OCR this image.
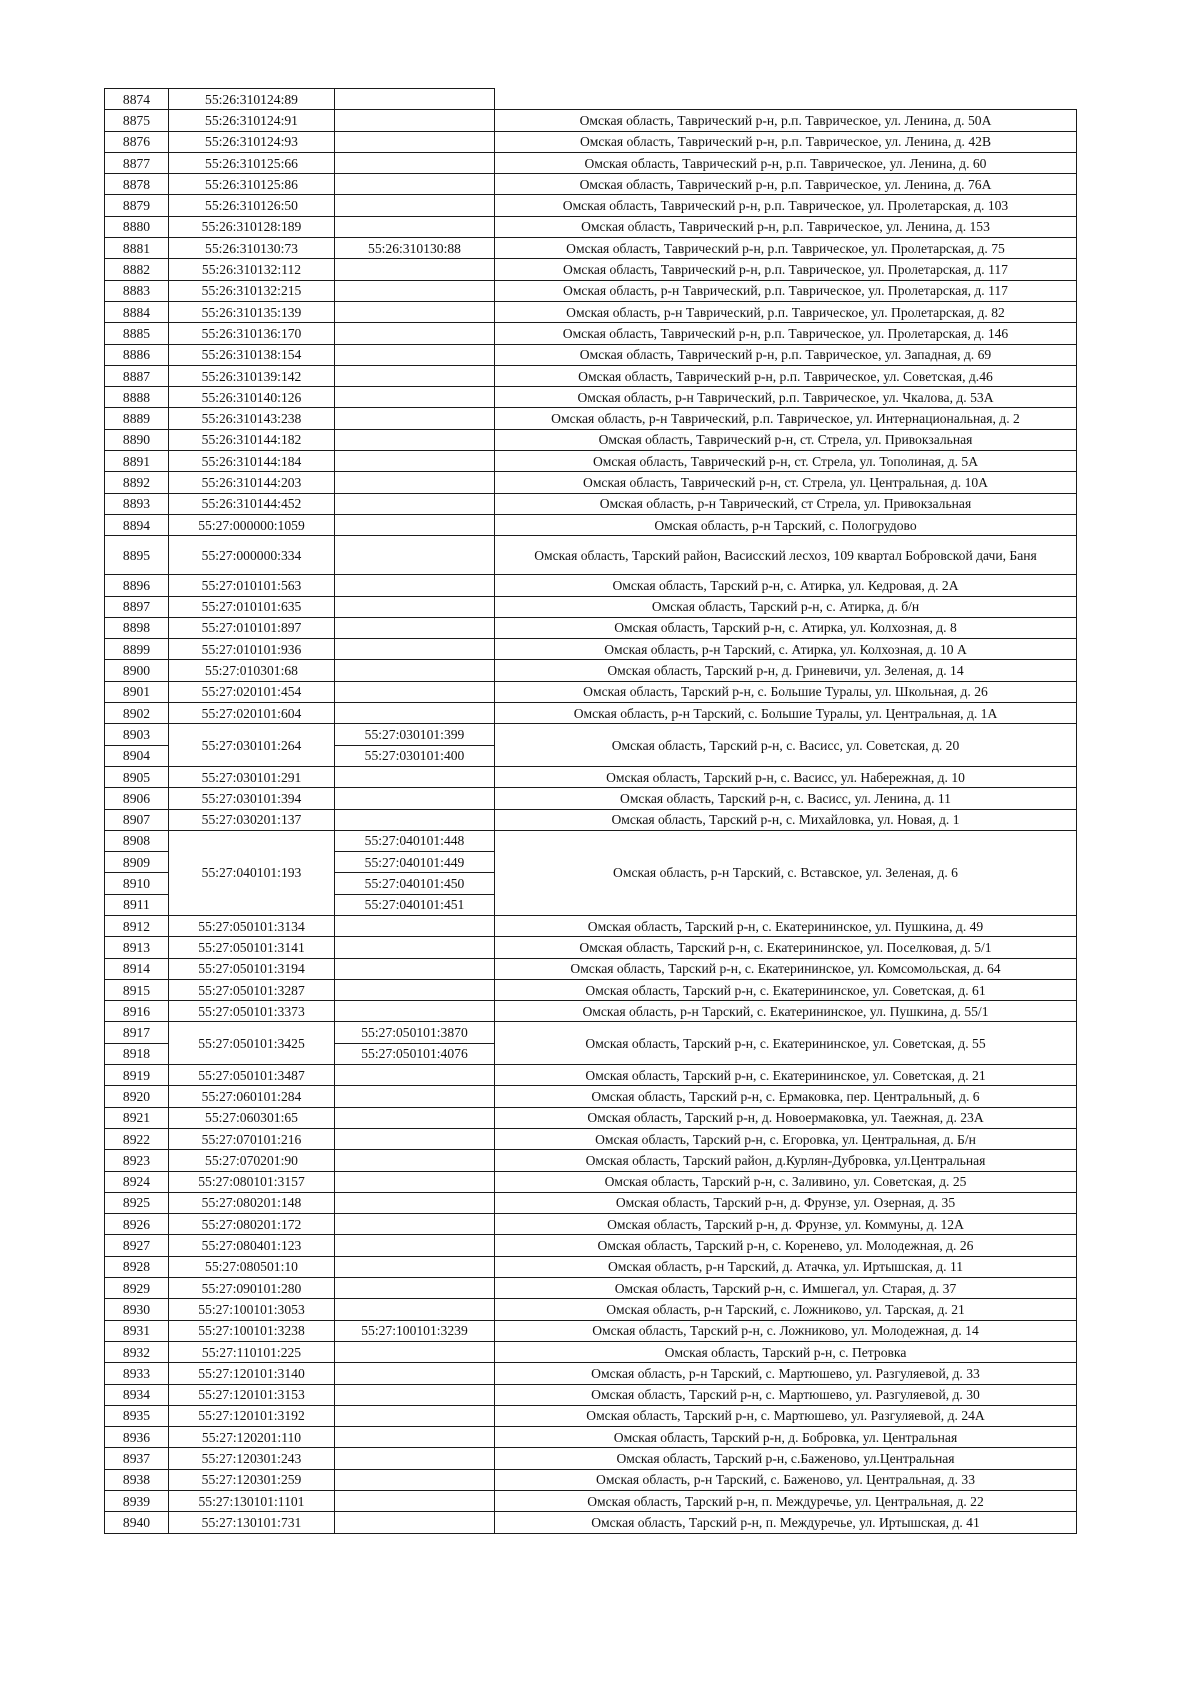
8874	55:26:310124:89		
8875	55:26:310124:91		Омская область, Таврический р-н, р.п. Таврическое, ул. Ленина, д. 50А
8876	55:26:310124:93		Омская область, Таврический р-н, р.п. Таврическое, ул. Ленина, д. 42В
8877	55:26:310125:66		Омская область, Таврический р-н, р.п. Таврическое, ул. Ленина, д. 60
8878	55:26:310125:86		Омская область, Таврический р-н, р.п. Таврическое, ул. Ленина, д. 76А
8879	55:26:310126:50		Омская область, Таврический р-н, р.п. Таврическое, ул. Пролетарская, д. 103
8880	55:26:310128:189		Омская область, Таврический р-н, р.п. Таврическое, ул. Ленина, д. 153
8881	55:26:310130:73	55:26:310130:88	Омская область, Таврический р-н, р.п. Таврическое, ул. Пролетарская, д. 75
8882	55:26:310132:112		Омская область, Таврический р-н, р.п. Таврическое, ул. Пролетарская, д. 117
8883	55:26:310132:215		Омская область, р-н Таврический, р.п. Таврическое, ул. Пролетарская, д. 117
8884	55:26:310135:139		Омская область, р-н Таврический, р.п. Таврическое, ул. Пролетарская, д. 82
8885	55:26:310136:170		Омская область, Таврический р-н, р.п. Таврическое, ул. Пролетарская, д. 146
8886	55:26:310138:154		Омская область, Таврический р-н, р.п. Таврическое, ул. Западная, д. 69
8887	55:26:310139:142		Омская область, Таврический р-н, р.п. Таврическое, ул. Советская, д.46
8888	55:26:310140:126		Омская область, р-н Таврический, р.п. Таврическое, ул. Чкалова, д. 53А
8889	55:26:310143:238		Омская область, р-н Таврический, р.п. Таврическое, ул. Интернациональная, д. 2
8890	55:26:310144:182		Омская область, Таврический р-н, ст. Стрела, ул. Привокзальная
8891	55:26:310144:184		Омская область, Таврический р-н, ст. Стрела, ул. Тополиная, д. 5А
8892	55:26:310144:203		Омская область, Таврический р-н, ст. Стрела, ул. Центральная, д. 10А
8893	55:26:310144:452		Омская область, р-н Таврический, ст Стрела, ул. Привокзальная
8894	55:27:000000:1059		Омская область, р-н Тарский, с. Пологрудово
8895	55:27:000000:334		Омская область, Тарский район, Васисский лесхоз, 109 квартал Бобровской дачи, Баня
8896	55:27:010101:563		Омская область, Тарский р-н, с. Атирка, ул. Кедровая, д. 2А
8897	55:27:010101:635		Омская область, Тарский р-н, с. Атирка, д. б/н
8898	55:27:010101:897		Омская область, Тарский р-н, с. Атирка, ул. Колхозная, д. 8
8899	55:27:010101:936		Омская область, р-н Тарский, с. Атирка, ул. Колхозная, д. 10 А
8900	55:27:010301:68		Омская область, Тарский р-н, д. Гриневичи, ул. Зеленая, д. 14
8901	55:27:020101:454		Омская область, Тарский р-н, с. Большие Туралы, ул. Школьная, д. 26
8902	55:27:020101:604		Омская область, р-н Тарский, с. Большие Туралы, ул. Центральная, д. 1А
8903	55:27:030101:264	55:27:030101:399	Омская область, Тарский р-н, с. Васисс, ул. Советская, д. 20
8904		55:27:030101:400	
8905	55:27:030101:291		Омская область, Тарский р-н, с. Васисс, ул. Набережная, д. 10
8906	55:27:030101:394		Омская область, Тарский р-н, с. Васисс, ул. Ленина, д. 11
8907	55:27:030201:137		Омская область, Тарский р-н, с. Михайловка, ул. Новая, д. 1
8908	55:27:040101:193	55:27:040101:448	Омская область, р-н Тарский, с. Вставское, ул. Зеленая, д. 6
8909		55:27:040101:449	
8910		55:27:040101:450	
8911		55:27:040101:451	
8912	55:27:050101:3134		Омская область, Тарский р-н, с. Екатерининское, ул. Пушкина, д. 49
8913	55:27:050101:3141		Омская область, Тарский р-н, с. Екатерининское, ул. Поселковая, д. 5/1
8914	55:27:050101:3194		Омская область, Тарский р-н, с. Екатерининское, ул. Комсомольская, д. 64
8915	55:27:050101:3287		Омская область, Тарский р-н, с. Екатерининское, ул. Советская, д. 61
8916	55:27:050101:3373		Омская область, р-н Тарский, с. Екатерининское, ул. Пушкина, д. 55/1
8917	55:27:050101:3425	55:27:050101:3870	Омская область, Тарский р-н, с. Екатерининское, ул. Советская, д. 55
8918		55:27:050101:4076	
8919	55:27:050101:3487		Омская область, Тарский р-н, с. Екатерининское, ул. Советская, д. 21
8920	55:27:060101:284		Омская область, Тарский р-н, с. Ермаковка, пер. Центральный, д. 6
8921	55:27:060301:65		Омская область, Тарский р-н, д. Новоермаковка, ул. Таежная, д. 23А
8922	55:27:070101:216		Омская область, Тарский р-н, с. Егоровка, ул. Центральная, д. Б/н
8923	55:27:070201:90		Омская область, Тарский район, д.Курлян-Дубровка, ул.Центральная
8924	55:27:080101:3157		Омская область, Тарский р-н, с. Заливино, ул. Советская, д. 25
8925	55:27:080201:148		Омская область, Тарский р-н, д. Фрунзе, ул. Озерная, д. 35
8926	55:27:080201:172		Омская область, Тарский р-н, д. Фрунзе, ул. Коммуны, д. 12А
8927	55:27:080401:123		Омская область, Тарский р-н, с. Коренево, ул. Молодежная, д. 26
8928	55:27:080501:10		Омская область, р-н Тарский, д. Атачка, ул. Иртышская, д. 11
8929	55:27:090101:280		Омская область, Тарский р-н, с. Имшегал, ул. Старая, д. 37
8930	55:27:100101:3053		Омская область, р-н Тарский, с. Ложниково, ул. Тарская, д. 21
8931	55:27:100101:3238	55:27:100101:3239	Омская область, Тарский р-н, с. Ложниково, ул. Молодежная, д. 14
8932	55:27:110101:225		Омская область, Тарский р-н, с. Петровка
8933	55:27:120101:3140		Омская область, р-н Тарский, с. Мартюшево, ул. Разгуляевой, д. 33
8934	55:27:120101:3153		Омская область, Тарский р-н, с. Мартюшево, ул. Разгуляевой, д. 30
8935	55:27:120101:3192		Омская область, Тарский р-н, с. Мартюшево, ул. Разгуляевой, д. 24А
8936	55:27:120201:110		Омская область, Тарский р-н, д. Бобровка, ул. Центральная
8937	55:27:120301:243		Омская область, Тарский р-н, с.Баженово, ул.Центральная
8938	55:27:120301:259		Омская область, р-н Тарский, с. Баженово, ул. Центральная, д. 33
8939	55:27:130101:1101		Омская область, Тарский р-н, п. Междуречье, ул. Центральная, д. 22
8940	55:27:130101:731		Омская область, Тарский р-н, п. Междуречье, ул. Иртышская, д. 41
